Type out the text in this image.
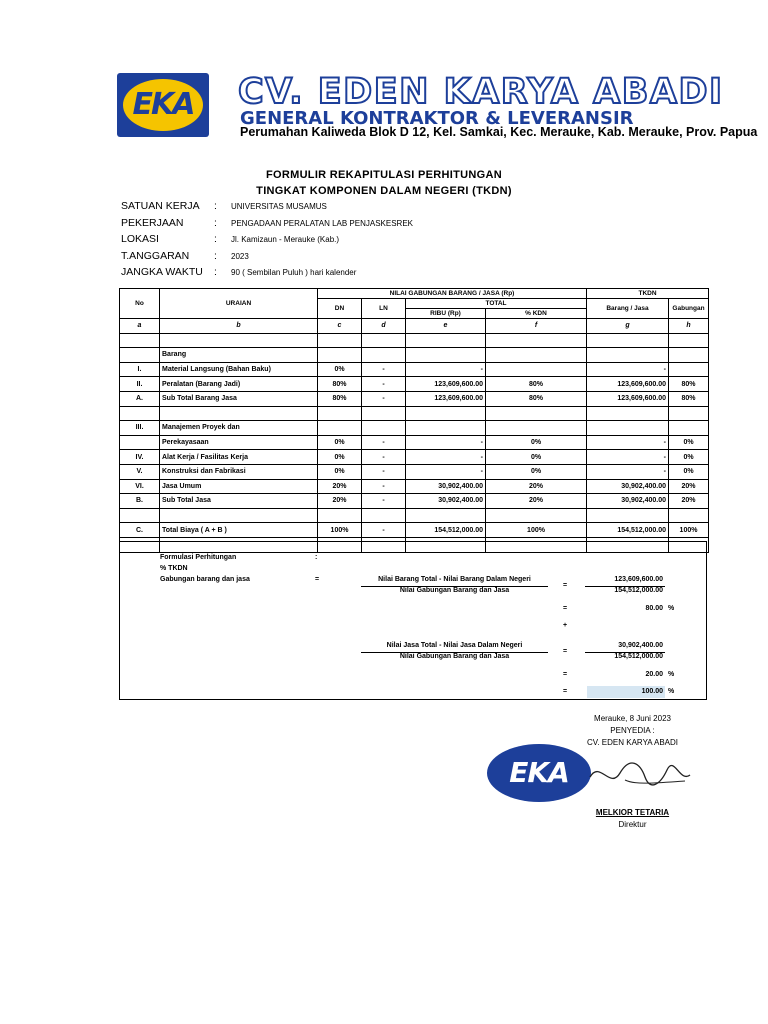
EKA	CV. EDEN KARYA ABADI
GENERAL KONTRAKTOR & LEVERANSIR
Perumahan Kaliweda Blok D 12, Kel. Samkai, Kec. Merauke, Kab. Merauke, Prov. Papua
FORMULIR REKAPITULASI PERHITUNGAN
TINGKAT KOMPONEN DALAM NEGERI (TKDN)
SATUAN KERJA : UNIVERSITAS MUSAMUS
PEKERJAAN	: PENGADAAN PERALATAN LAB PENJASKESREK
LOKASI	: Jl. Kamizaun - Merauke (Kab.)
T.ANGGARAN : 2023
JANGKA WAKTU : 90 ( Sembilan Puluh ) hari kalender
No	URAIAN	NILAI GABUNGAN BARANG / JASA (Rp)				TKDN	
		DN	LN	TOTAL		Barang / Jasa	Gabungan
				RIBU (Rp)	% KDN		
a	b	c	d	e	f	g	h

	Barang						
I.	Material Langsung (Bahan Baku)	0%	-	-		-	
II.	Peralatan (Barang Jadi)	80%	-	123,609,600.00	80%	123,609,600.00	80%
A.	Sub Total Barang Jasa	80%	-	123,609,600.00	80%	123,609,600.00	80%

III.	Manajemen Proyek dan						
	Perekayasaan	0%	-	-	0%	-	0%
IV.	Alat Kerja / Fasilitas Kerja	0%	-	-	0%	-	0%
V.	Konstruksi dan Fabrikasi	0%	-	-	0%	-	0%
VI.	Jasa Umum	20%	-	30,902,400.00	20%	30,902,400.00	20%
B.	Sub Total Jasa	20%	-	30,902,400.00	20%	30,902,400.00	20%

C.	Total Biaya ( A + B )	100%	-	154,512,000.00	100%	154,512,000.00	100%

Formulasi Perhitungan	:
% TKDN
Gabungan barang dan jasa	=	Nilai Barang Total - Nilai Barang Dalam Negeri
Nilai Gabungan Barang dan Jasa
=
123,609,600.00
154,512,000.00
=	80.00 %
+
Nilai Jasa Total - Nilai Jasa Dalam Negeri
Nilai Gabungan Barang dan Jasa
=
30,902,400.00
154,512,000.00
=	20.00 %
=	100.00 %
Merauke, 8 Juni 2023
PENYEDIA :
CV. EDEN KARYA ABADI
EKA
MELKIOR TETARIA
Direktur
